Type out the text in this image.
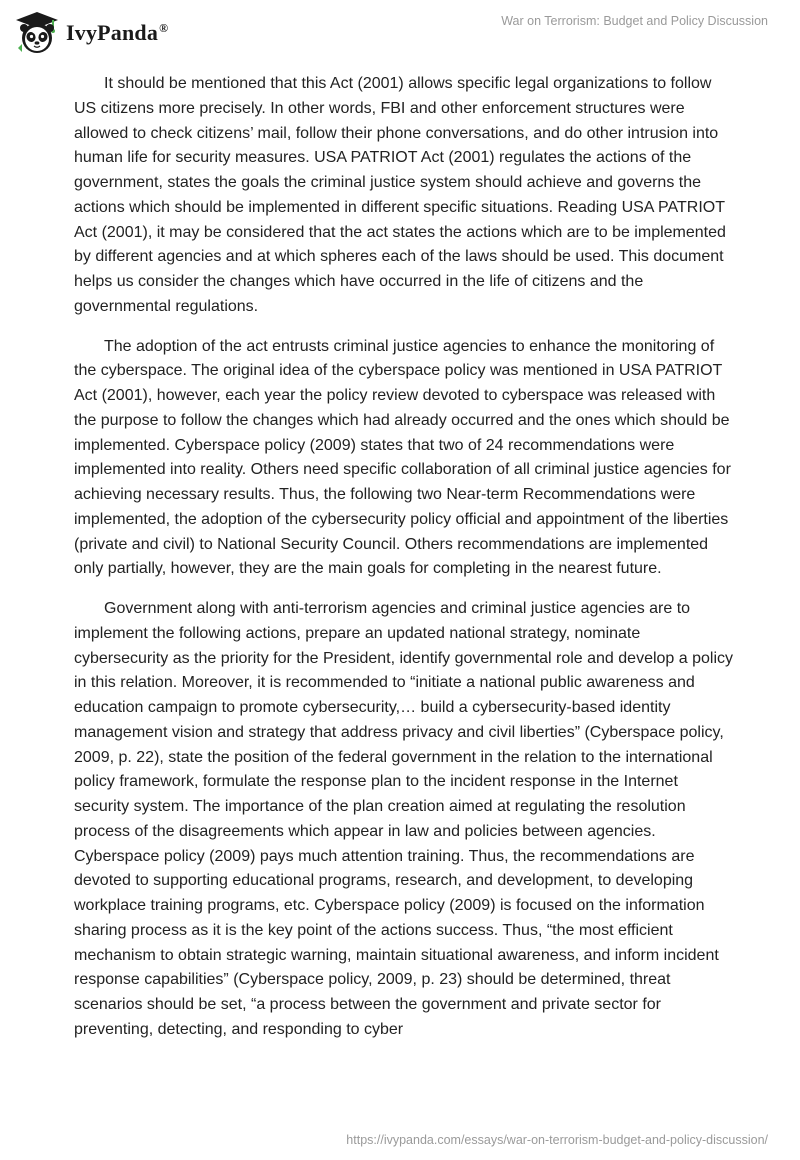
IvyPanda®	War on Terrorism: Budget and Policy Discussion

It should be mentioned that this Act (2001) allows specific legal organizations to follow US citizens more precisely. In other words, FBI and other enforcement structures were allowed to check citizens’ mail, follow their phone conversations, and do other intrusion into human life for security measures. USA PATRIOT Act (2001) regulates the actions of the government, states the goals the criminal justice system should achieve and governs the actions which should be implemented in different specific situations. Reading USA PATRIOT Act (2001), it may be considered that the act states the actions which are to be implemented by different agencies and at which spheres each of the laws should be used. This document helps us consider the changes which have occurred in the life of citizens and the governmental regulations.

The adoption of the act entrusts criminal justice agencies to enhance the monitoring of the cyberspace. The original idea of the cyberspace policy was mentioned in USA PATRIOT Act (2001), however, each year the policy review devoted to cyberspace was released with the purpose to follow the changes which had already occurred and the ones which should be implemented. Cyberspace policy (2009) states that two of 24 recommendations were implemented into reality. Others need specific collaboration of all criminal justice agencies for achieving necessary results. Thus, the following two Near-term Recommendations were implemented, the adoption of the cybersecurity policy official and appointment of the liberties (private and civil) to National Security Council. Others recommendations are implemented only partially, however, they are the main goals for completing in the nearest future.

Government along with anti-terrorism agencies and criminal justice agencies are to implement the following actions, prepare an updated national strategy, nominate cybersecurity as the priority for the President, identify governmental role and develop a policy in this relation. Moreover, it is recommended to “initiate a national public awareness and education campaign to promote cybersecurity,… build a cybersecurity-based identity management vision and strategy that address privacy and civil liberties” (Cyberspace policy, 2009, p. 22), state the position of the federal government in the relation to the international policy framework, formulate the response plan to the incident response in the Internet security system. The importance of the plan creation aimed at regulating the resolution process of the disagreements which appear in law and policies between agencies. Cyberspace policy (2009) pays much attention training. Thus, the recommendations are devoted to supporting educational programs, research, and development, to developing workplace training programs, etc. Cyberspace policy (2009) is focused on the information sharing process as it is the key point of the actions success. Thus, “the most efficient mechanism to obtain strategic warning, maintain situational awareness, and inform incident response capabilities” (Cyberspace policy, 2009, p. 23) should be determined, threat scenarios should be set, “a process between the government and private sector for preventing, detecting, and responding to cyber

https://ivypanda.com/essays/war-on-terrorism-budget-and-policy-discussion/
